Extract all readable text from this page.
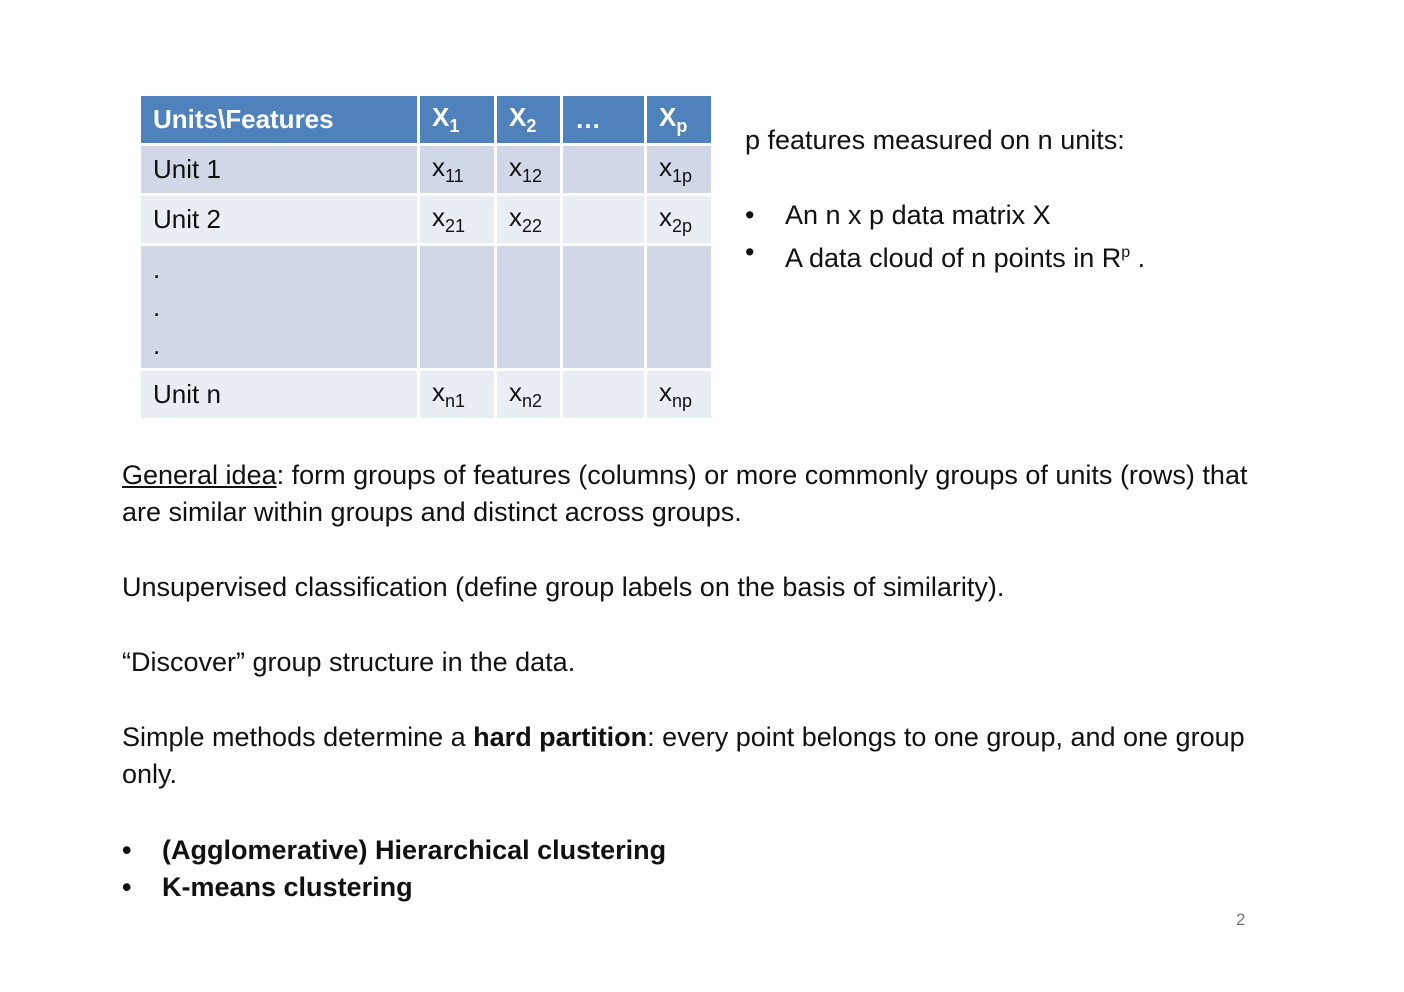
Units\Features	$X_1$	$X_2$	…	$X_p$
Unit 1	$x_{11}$	$x_{12}$		$x_{1p}$
Unit 2	$x_{21}$	$x_{22}$		$x_{2p}$
.
.
.				
Unit n	$x_{n1}$	$x_{n2}$		$x_{np}$
p features measured on n units:
• An n x p data matrix X
• A data cloud of n points in $R^p$ .
General idea: form groups of features (columns) or more commonly groups of units (rows) that are similar within groups and distinct across groups.
Unsupervised classification (define group labels on the basis of similarity).
“Discover” group structure in the data.
Simple methods determine a hard partition: every point belongs to one group, and one group only.
• (Agglomerative) Hierarchical clustering
• K-means clustering
2
